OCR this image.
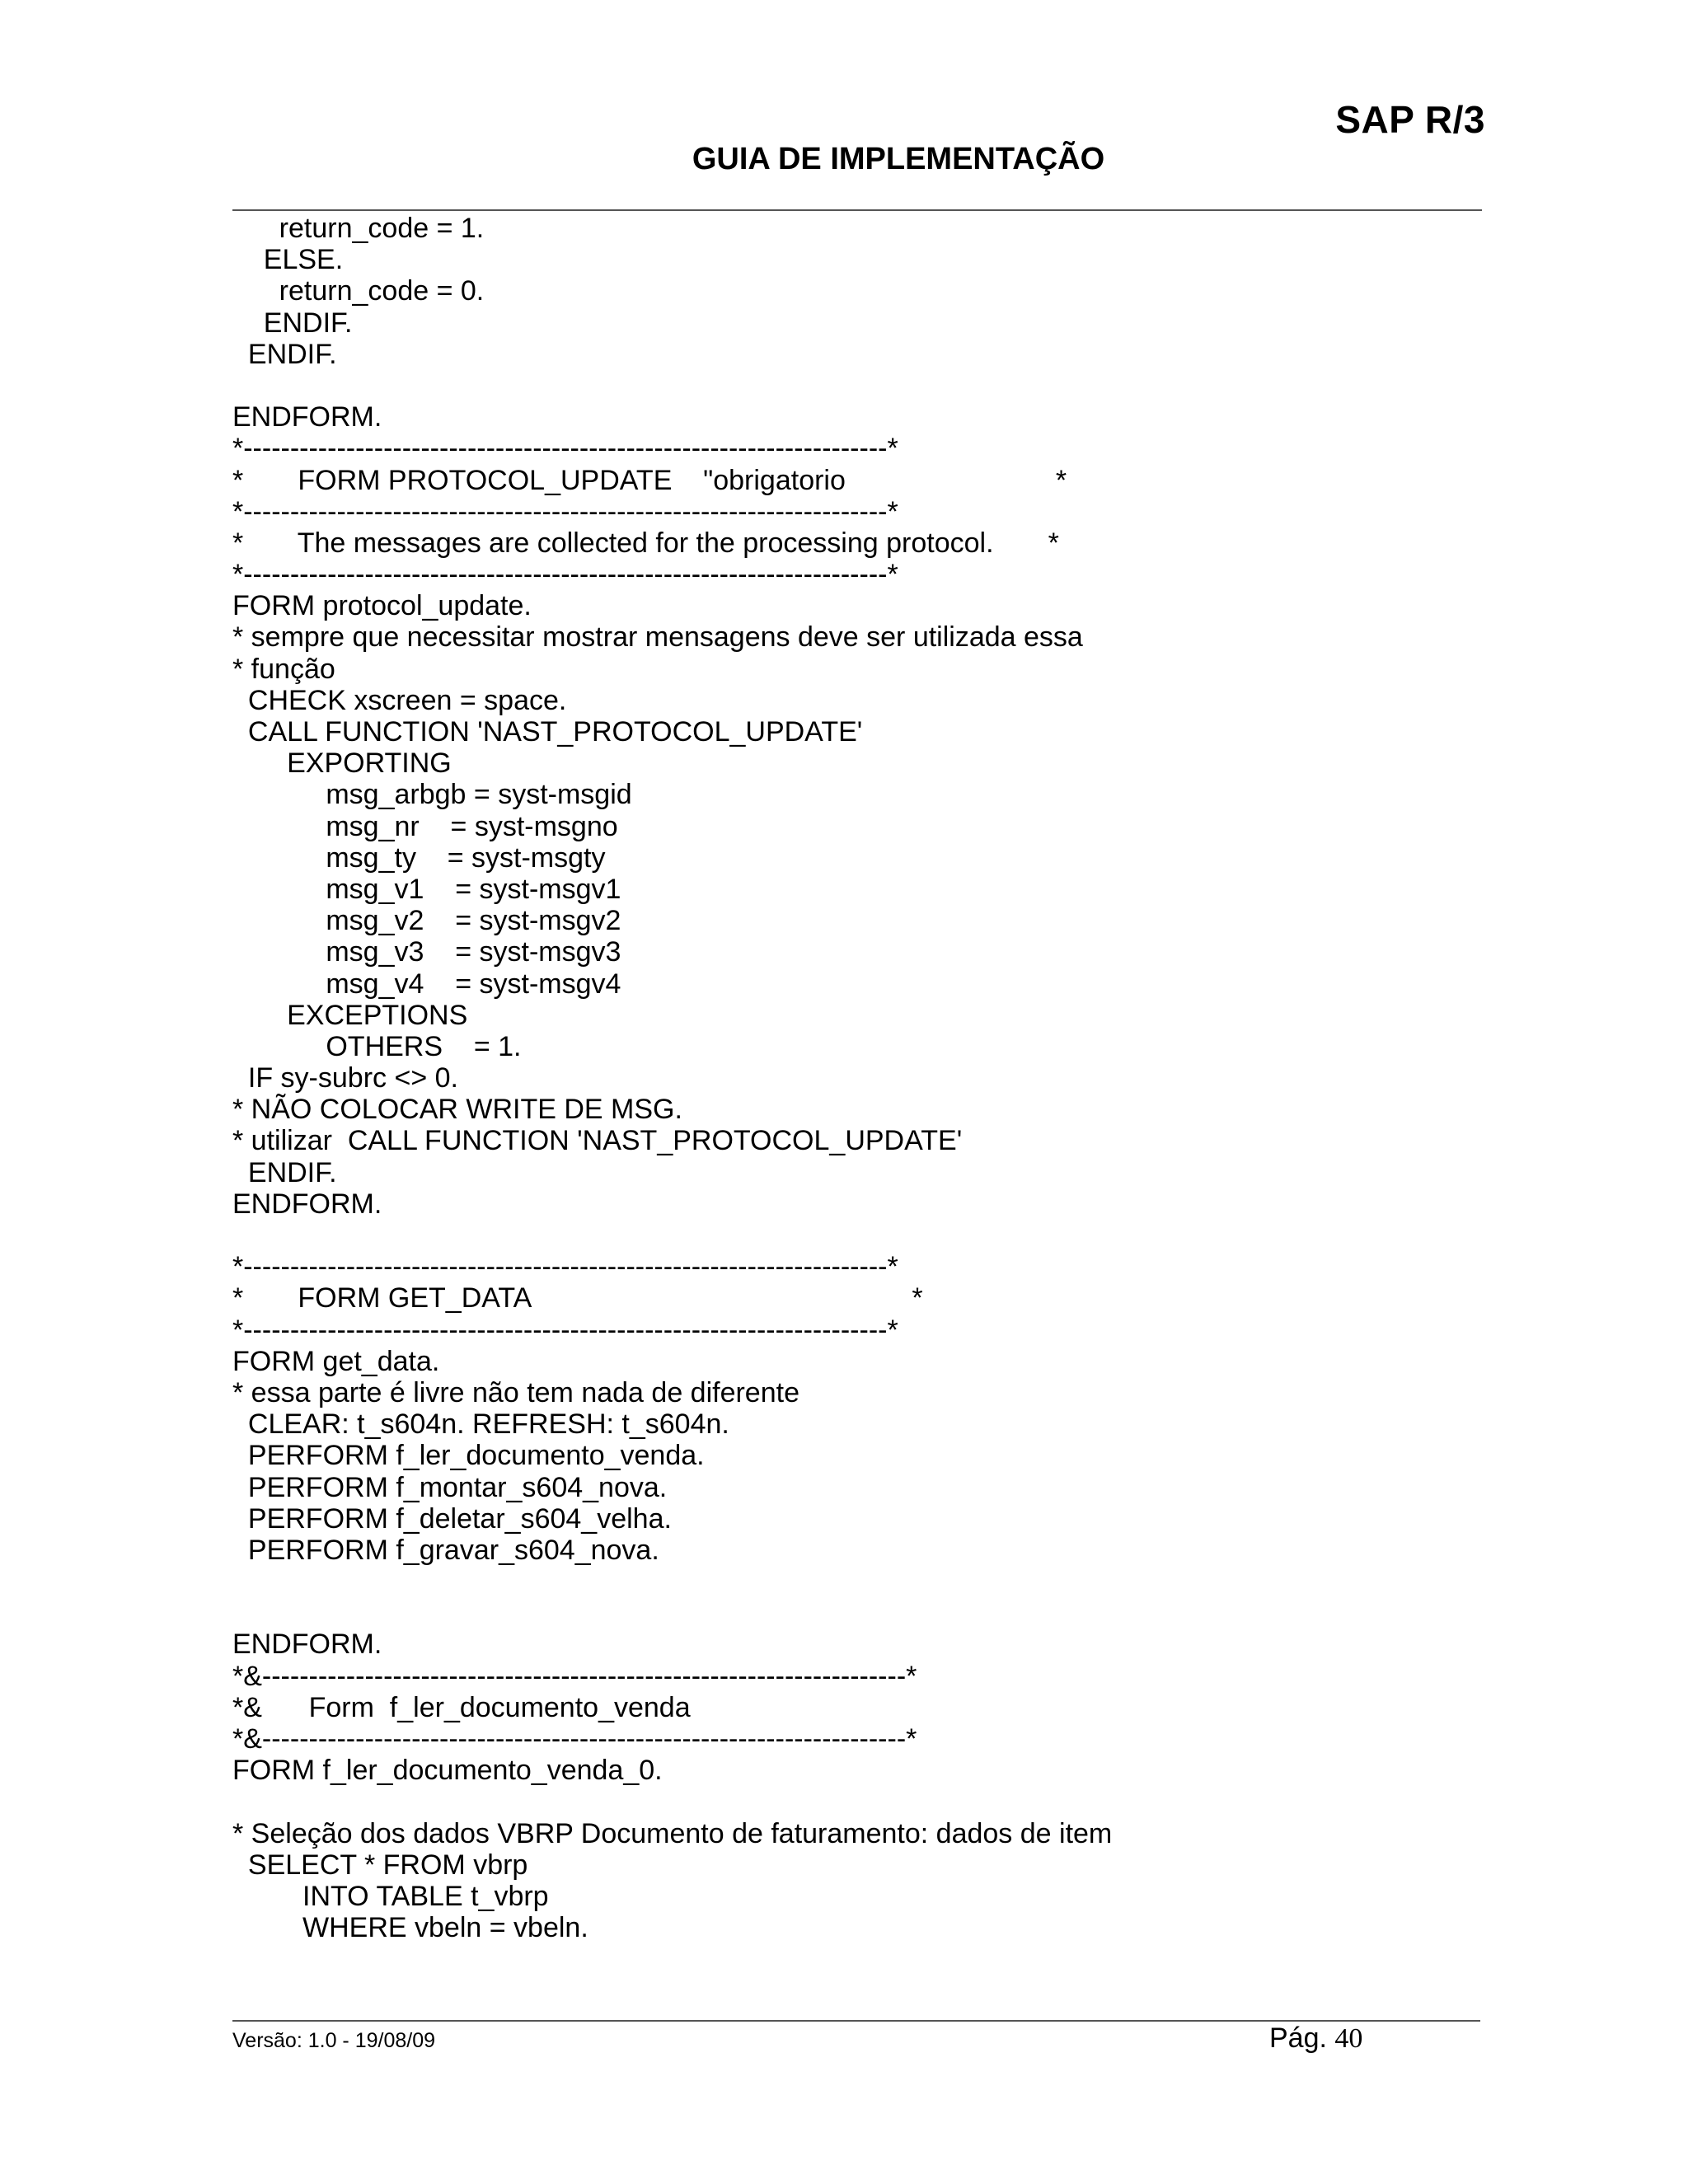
SAP R/3
GUIA DE IMPLEMENTAÇÃO
return_code = 1.
ELSE.
return_code = 0.
ENDIF.
ENDIF.
ENDFORM.
*---------------------------------------------------------------------*
*       FORM PROTOCOL_UPDATE    "obrigatorio                           *
*---------------------------------------------------------------------*
*       The messages are collected for the processing protocol.       *
*---------------------------------------------------------------------*
FORM protocol_update.
* sempre que necessitar mostrar mensagens deve ser utilizada essa
* função
CHECK xscreen = space.
CALL FUNCTION 'NAST_PROTOCOL_UPDATE'
EXPORTING
msg_arbgb = syst-msgid
msg_nr    = syst-msgno
msg_ty    = syst-msgty
msg_v1    = syst-msgv1
msg_v2    = syst-msgv2
msg_v3    = syst-msgv3
msg_v4    = syst-msgv4
EXCEPTIONS
OTHERS    = 1.
IF sy-subrc <> 0.
* NÃO COLOCAR WRITE DE MSG.
* utilizar  CALL FUNCTION 'NAST_PROTOCOL_UPDATE'
ENDIF.
ENDFORM.
*---------------------------------------------------------------------*
*       FORM GET_DATA                                                 *
*---------------------------------------------------------------------*
FORM get_data.
* essa parte é livre não tem nada de diferente
CLEAR: t_s604n. REFRESH: t_s604n.
PERFORM f_ler_documento_venda.
PERFORM f_montar_s604_nova.
PERFORM f_deletar_s604_velha.
PERFORM f_gravar_s604_nova.
ENDFORM.
*&---------------------------------------------------------------------*
*&      Form  f_ler_documento_venda
*&---------------------------------------------------------------------*
FORM f_ler_documento_venda_0.
* Seleção dos dados VBRP Documento de faturamento: dados de item
SELECT * FROM vbrp
INTO TABLE t_vbrp
WHERE vbeln = vbeln.
Versão: 1.0 - 19/08/09	Pág. 40
